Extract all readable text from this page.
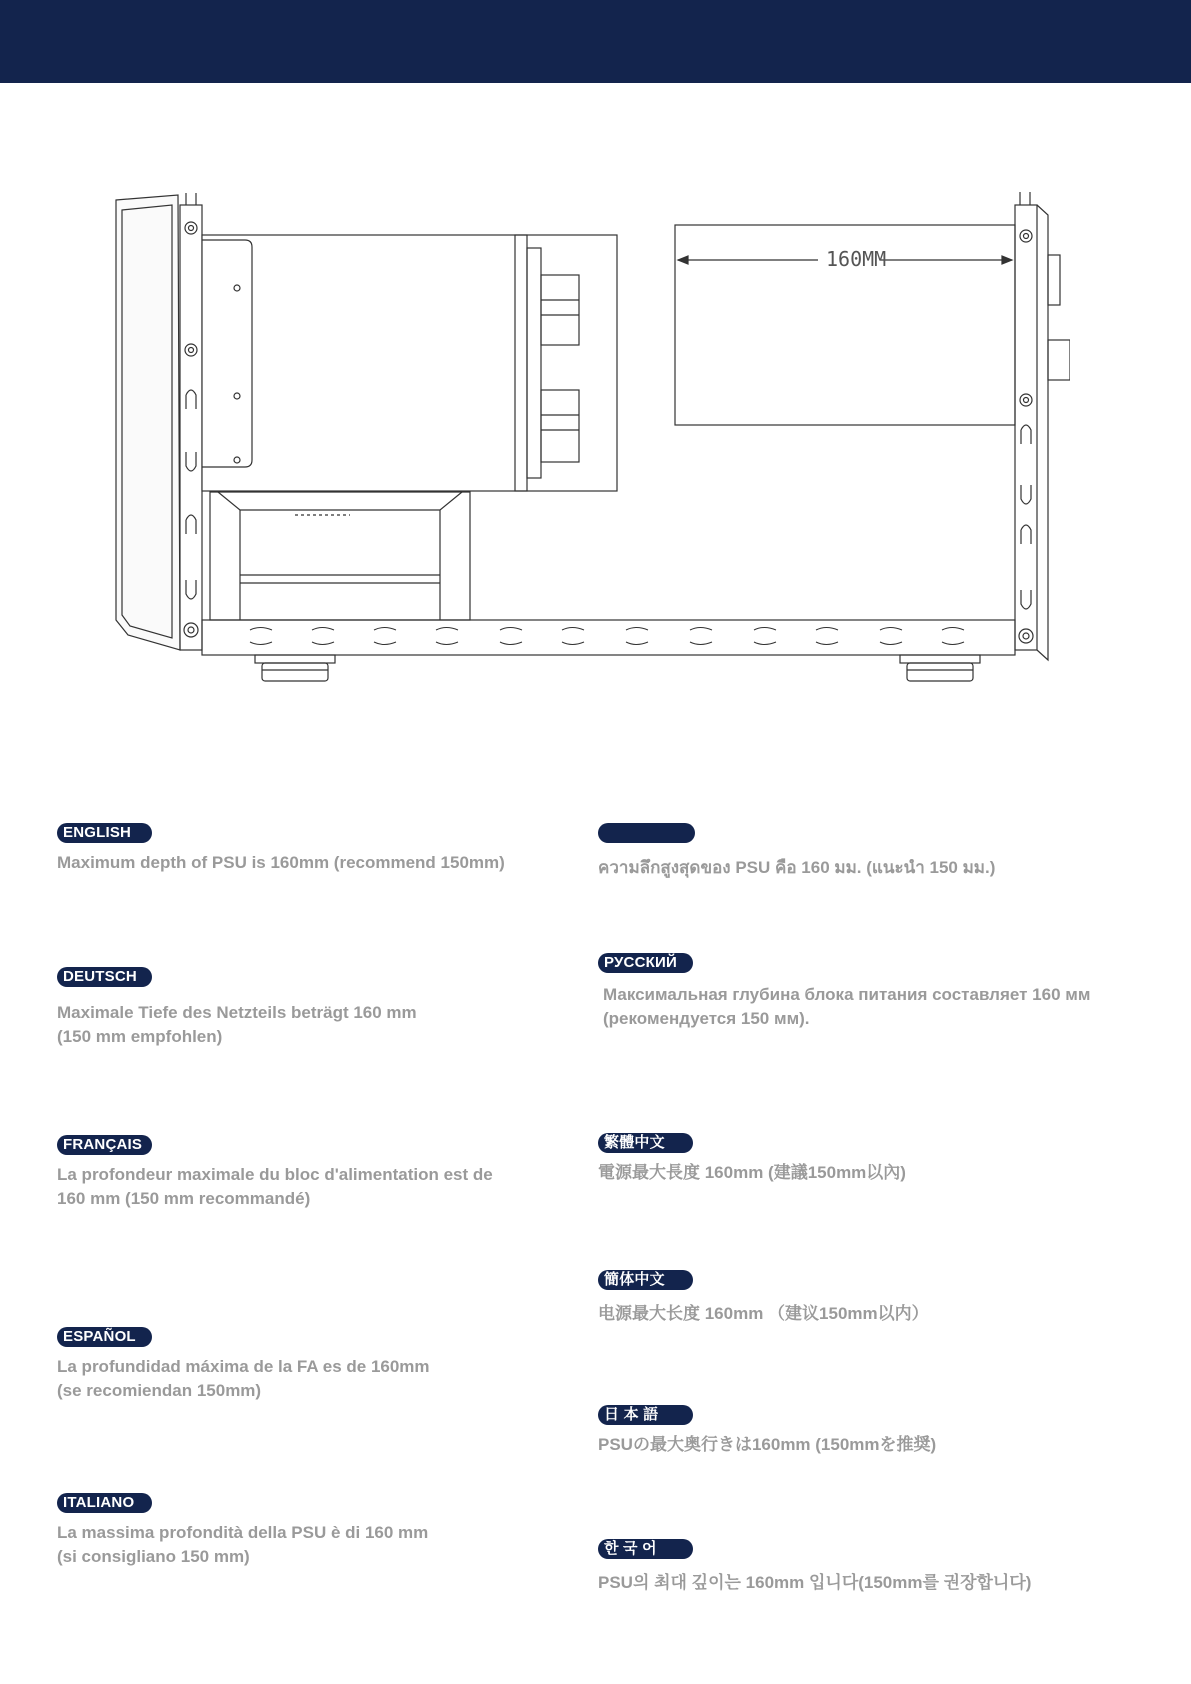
160MM
ENGLISH
Maximum depth of PSU is 160mm (recommend 150mm)
DEUTSCH
Maximale Tiefe des Netzteils beträgt 160 mm
(150 mm empfohlen)
FRANÇAIS
La profondeur maximale du bloc d'alimentation est de
160 mm (150 mm recommandé)
ESPAÑOL
La profundidad máxima de la FA es de 160mm
(se recomiendan 150mm)
ITALIANO
La massima profondità della PSU è di 160 mm
(si consigliano 150 mm)
ความลึกสูงสุดของ PSU คือ 160 มม. (แนะนำ 150 มม.)
РУССКИЙ
Максимальная глубина блока питания составляет 160 мм
(рекомендуется 150 мм).
繁體中文
電源最大長度 160mm (建議150mm以內)
簡体中文
电源最大长度 160mm （建议150mm以内）
日 本 語
PSUの最大奥行きは160mm (150mmを推奨)
한 국 어
PSU의 최대 깊이는 160mm 입니다(150mm를 권장합니다)
